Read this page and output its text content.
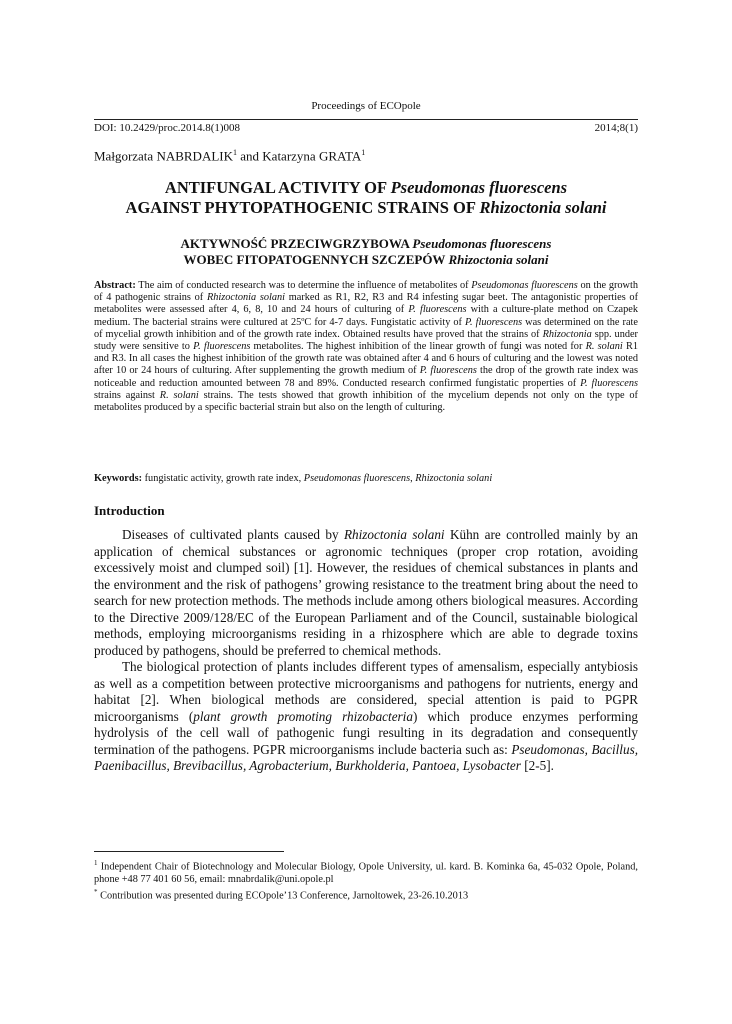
Proceedings of ECOpole
DOI: 10.2429/proc.2014.8(1)008	2014;8(1)
Małgorzata NABRDALIK$^1$ and Katarzyna GRATA$^1$
ANTIFUNGAL ACTIVITY OF Pseudomonas fluorescens
AGAINST PHYTOPATHOGENIC STRAINS OF Rhizoctonia solani
AKTYWNOŚĆ PRZECIWGRZYBOWA Pseudomonas fluorescens
WOBEC FITOPATOGENNYCH SZCZEPÓW Rhizoctonia solani
Abstract: The aim of conducted research was to determine the influence of metabolites of Pseudomonas fluorescens on the growth of 4 pathogenic strains of Rhizoctonia solani marked as R1, R2, R3 and R4 infesting sugar beet. The antagonistic properties of metabolites were assessed after 4, 6, 8, 10 and 24 hours of culturing of P. fluorescens with a culture-plate method on Czapek medium. The bacterial strains were cultured at 25ºC for 4-7 days. Fungistatic activity of P. fluorescens was determined on the rate of mycelial growth inhibition and of the growth rate index. Obtained results have proved that the strains of Rhizoctonia spp. under study were sensitive to P. fluorescens metabolites. The highest inhibition of the linear growth of fungi was noted for R. solani R1 and R3. In all cases the highest inhibition of the growth rate was obtained after 4 and 6 hours of culturing and the lowest was noted after 10 or 24 hours of culturing. After supplementing the growth medium of P. fluorescens the drop of the growth rate index was noticeable and reduction amounted between 78 and 89%. Conducted research confirmed fungistatic properties of P. fluorescens strains against R. solani strains. The tests showed that growth inhibition of the mycelium depends not only on the type of metabolites produced by a specific bacterial strain but also on the length of culturing.
Keywords: fungistatic activity, growth rate index, Pseudomonas fluorescens, Rhizoctonia solani
Introduction

Diseases of cultivated plants caused by Rhizoctonia solani Kühn are controlled mainly by an application of chemical substances or agronomic techniques (proper crop rotation, avoiding excessively moist and clumped soil) [1]. However, the residues of chemical substances in plants and the environment and the risk of pathogens’ growing resistance to the treatment bring about the need to search for new protection methods. The methods include among others biological measures. According to the Directive 2009/128/EC of the European Parliament and of the Council, sustainable biological methods, employing microorganisms residing in a rhizosphere which are able to degrade toxins produced by pathogens, should be preferred to chemical methods.

The biological protection of plants includes different types of amensalism, especially antybiosis as well as a competition between protective microorganisms and pathogens for nutrients, energy and habitat [2]. When biological methods are considered, special attention is paid to PGPR microorganisms (plant growth promoting rhizobacteria) which produce enzymes performing hydrolysis of the cell wall of pathogenic fungi resulting in its degradation and consequently termination of the pathogens. PGPR microorganisms include bacteria such as: Pseudomonas, Bacillus, Paenibacillus, Brevibacillus, Agrobacterium, Burkholderia, Pantoea, Lysobacter [2-5].

$^1$ Independent Chair of Biotechnology and Molecular Biology, Opole University, ul. kard. B. Kominka 6a, 45-032 Opole, Poland, phone +48 77 401 60 56, email: mnabrdalik@uni.opole.pl

* Contribution was presented during ECOpole’13 Conference, Jarnoltowek, 23-26.10.2013
